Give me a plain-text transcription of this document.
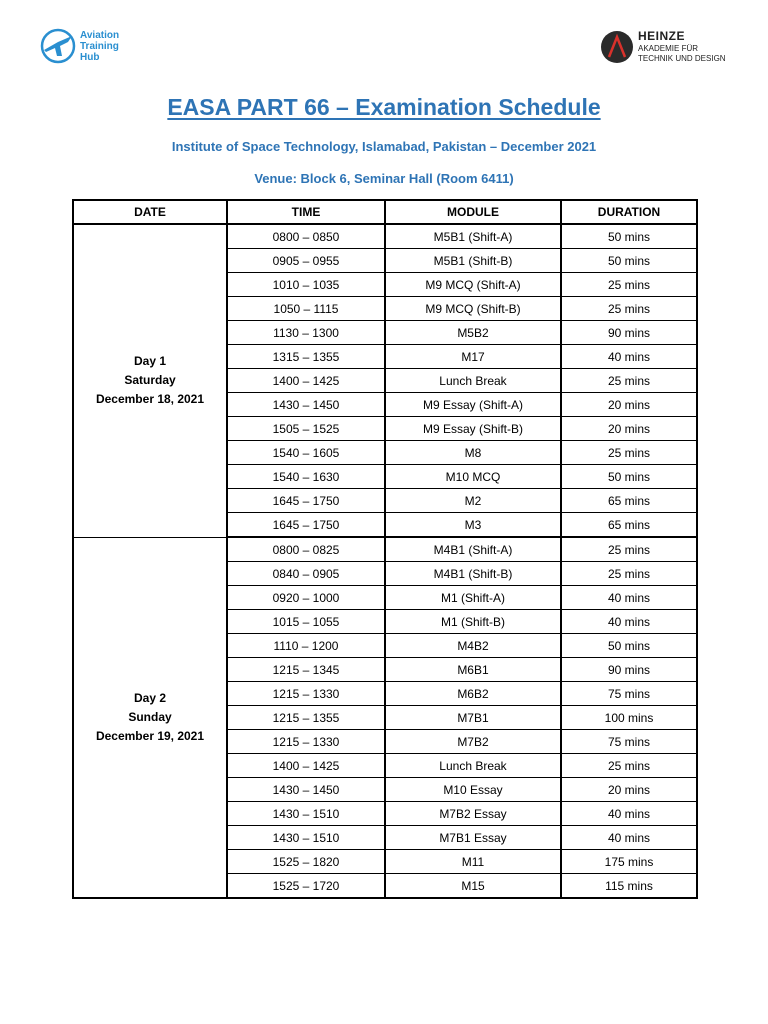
Aviation
Training
Hub
HEINZE
AKADEMIE FÜR
TECHNIK UND DESIGN
EASA PART 66 – Examination Schedule
Institute of Space Technology, Islamabad, Pakistan – December 2021
Venue: Block 6, Seminar Hall (Room 6411)
DATE	TIME	MODULE	DURATION

Day 1
Saturday
December 18, 2021	0800 – 0850	M5B1 (Shift-A)	50 mins
	0905 – 0955	M5B1 (Shift-B)	50 mins
	1010 – 1035	M9 MCQ (Shift-A)	25 mins
	1050 – 1115	M9 MCQ (Shift-B)	25 mins
	1130 – 1300	M5B2	90 mins
	1315 – 1355	M17	40 mins
	1400 – 1425	Lunch Break	25 mins
	1430 – 1450	M9 Essay (Shift-A)	20 mins
	1505 – 1525	M9 Essay (Shift-B)	20 mins
	1540 – 1605	M8	25 mins
	1540 – 1630	M10 MCQ	50 mins
	1645 – 1750	M2	65 mins
	1645 – 1750	M3	65 mins

Day 2
Sunday
December 19, 2021	0800 – 0825	M4B1 (Shift-A)	25 mins
	0840 – 0905	M4B1 (Shift-B)	25 mins
	0920 – 1000	M1 (Shift-A)	40 mins
	1015 – 1055	M1 (Shift-B)	40 mins
	1110 – 1200	M4B2	50 mins
	1215 – 1345	M6B1	90 mins
	1215 – 1330	M6B2	75 mins
	1215 – 1355	M7B1	100 mins
	1215 – 1330	M7B2	75 mins
	1400 – 1425	Lunch Break	25 mins
	1430 – 1450	M10 Essay	20 mins
	1430 – 1510	M7B2 Essay	40 mins
	1430 – 1510	M7B1 Essay	40 mins
	1525 – 1820	M11	175 mins
	1525 – 1720	M15	115 mins
